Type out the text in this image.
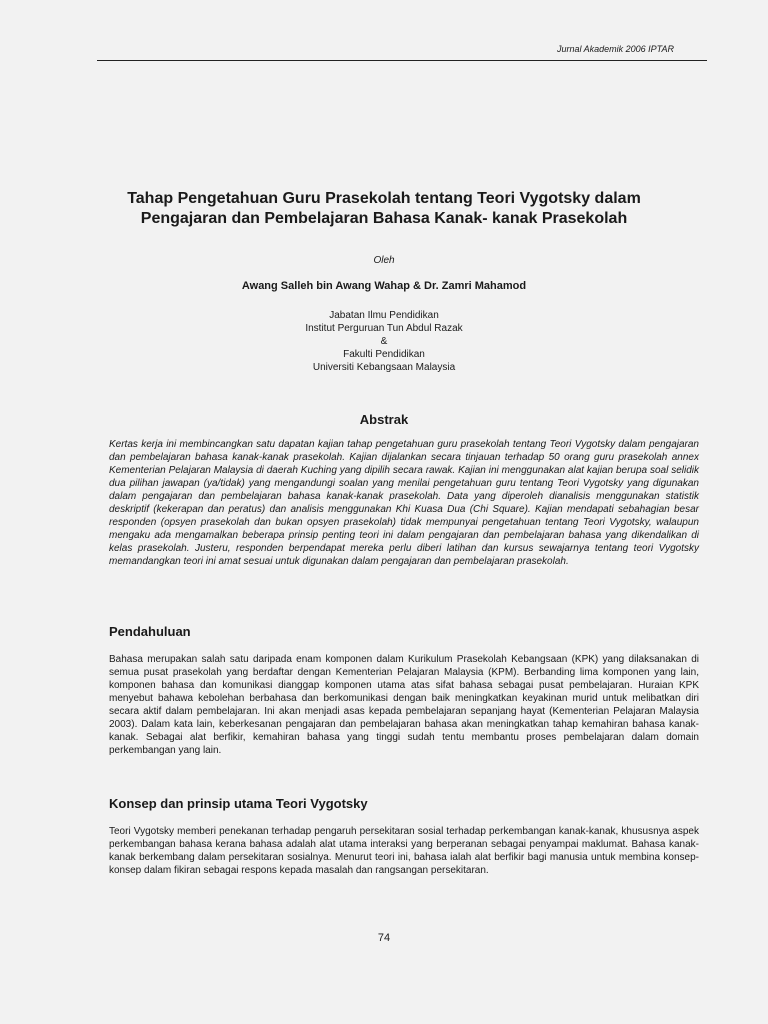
Jurnal Akademik 2006 IPTAR
Tahap Pengetahuan Guru Prasekolah tentang Teori Vygotsky dalam
Pengajaran dan Pembelajaran Bahasa Kanak- kanak Prasekolah
Oleh
Awang Salleh bin Awang Wahap & Dr. Zamri Mahamod
Jabatan Ilmu Pendidikan
Institut Perguruan Tun Abdul Razak
&
Fakulti Pendidikan
Universiti Kebangsaan Malaysia
Abstrak

Kertas kerja ini membincangkan satu dapatan kajian tahap pengetahuan guru prasekolah tentang Teori Vygotsky dalam pengajaran dan pembelajaran bahasa kanak-kanak prasekolah. Kajian dijalankan secara tinjauan terhadap 50 orang guru prasekolah annex Kementerian Pelajaran Malaysia di daerah Kuching yang dipilih secara rawak. Kajian ini menggunakan alat kajian berupa soal selidik dua pilihan jawapan (ya/tidak) yang mengandungi soalan yang menilai pengetahuan guru tentang Teori Vygotsky yang digunakan dalam pengajaran dan pembelajaran bahasa kanak-kanak prasekolah. Data yang diperoleh dianalisis menggunakan statistik deskriptif (kekerapan dan peratus) dan analisis menggunakan Khi Kuasa Dua (Chi Square). Kajian mendapati sebahagian besar responden (opsyen prasekolah dan bukan opsyen prasekolah) tidak mempunyai pengetahuan tentang Teori Vygotsky, walaupun mengaku ada mengamalkan beberapa prinsip penting teori ini dalam pengajaran dan pembelajaran bahasa yang dikendalikan di kelas prasekolah. Justeru, responden berpendapat mereka perlu diberi latihan dan kursus sewajarnya tentang teori Vygotsky memandangkan teori ini amat sesuai untuk digunakan dalam pengajaran dan pembelajaran prasekolah.

Pendahuluan

Bahasa merupakan salah satu daripada enam komponen dalam Kurikulum Prasekolah Kebangsaan (KPK) yang dilaksanakan di semua pusat prasekolah yang berdaftar dengan Kementerian Pelajaran Malaysia (KPM). Berbanding lima komponen yang lain, komponen bahasa dan komunikasi dianggap komponen utama atas sifat bahasa sebagai pusat pembelajaran. Huraian KPK menyebut bahawa kebolehan berbahasa dan berkomunikasi dengan baik meningkatkan keyakinan murid untuk melibatkan diri secara aktif dalam pembelajaran. Ini akan menjadi asas kepada pembelajaran sepanjang hayat (Kementerian Pelajaran Malaysia 2003). Dalam kata lain, keberkesanan pengajaran dan pembelajaran bahasa akan meningkatkan tahap kemahiran bahasa kanak-kanak. Sebagai alat berfikir, kemahiran bahasa yang tinggi sudah tentu membantu proses pembelajaran dalam domain perkembangan yang lain.

Konsep dan prinsip utama Teori Vygotsky

Teori Vygotsky memberi penekanan terhadap pengaruh persekitaran sosial terhadap perkembangan kanak-kanak, khususnya aspek perkembangan bahasa kerana bahasa adalah alat utama interaksi yang berperanan sebagai penyampai maklumat. Bahasa kanak-kanak berkembang dalam persekitaran sosialnya. Menurut teori ini, bahasa ialah alat berfikir bagi manusia untuk membina konsep-konsep dalam fikiran sebagai respons kepada masalah dan rangsangan persekitaran.

74
